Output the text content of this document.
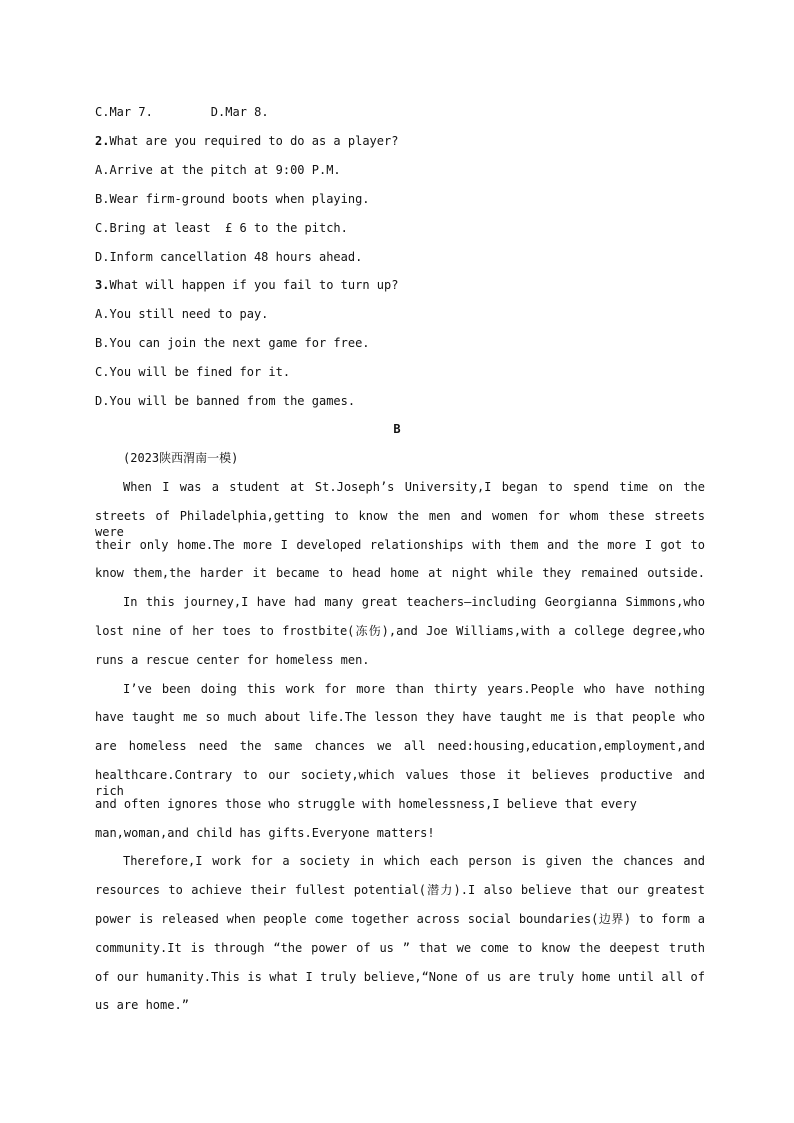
C.Mar 7.	D.Mar 8.
2.What are you required to do as a player?
A.Arrive at the pitch at 9:00 P.M.
B.Wear firm-ground boots when playing.
C.Bring at least  £ 6 to the pitch.
D.Inform cancellation 48 hours ahead.
3.What will happen if you fail to turn up?
A.You still need to pay.
B.You can join the next game for free.
C.You will be fined for it.
D.You will be banned from the games.
B
(2023陕西渭南一模)
When I was a student at St.Joseph’s University,I began to spend time on the
streets of Philadelphia,getting to know the men and women for whom these streets were
their only home.The more I developed relationships with them and the more I got to
know them,the harder it became to head home at night while they remained outside.
In this journey,I have had many great teachers—including Georgianna Simmons,who
lost nine of her toes to frostbite(冻伤),and Joe Williams,with a college degree,who
runs a rescue center for homeless men.
I’ve been doing this work for more than thirty years.People who have nothing
have taught me so much about life.The lesson they have taught me is that people who
are homeless need the same chances we all need:housing,education,employment,and
healthcare.Contrary to our society,which values those it believes productive and rich
and often ignores those who struggle with homelessness,I believe that every
man,woman,and child has gifts.Everyone matters!
Therefore,I work for a society in which each person is given the chances and
resources to achieve their fullest potential(潜力).I also believe that our greatest
power is released when people come together across social boundaries(边界) to form a
community.It is through “the power of us ” that we come to know the deepest truth
of our humanity.This is what I truly believe,“None of us are truly home until all of
us are home.”
